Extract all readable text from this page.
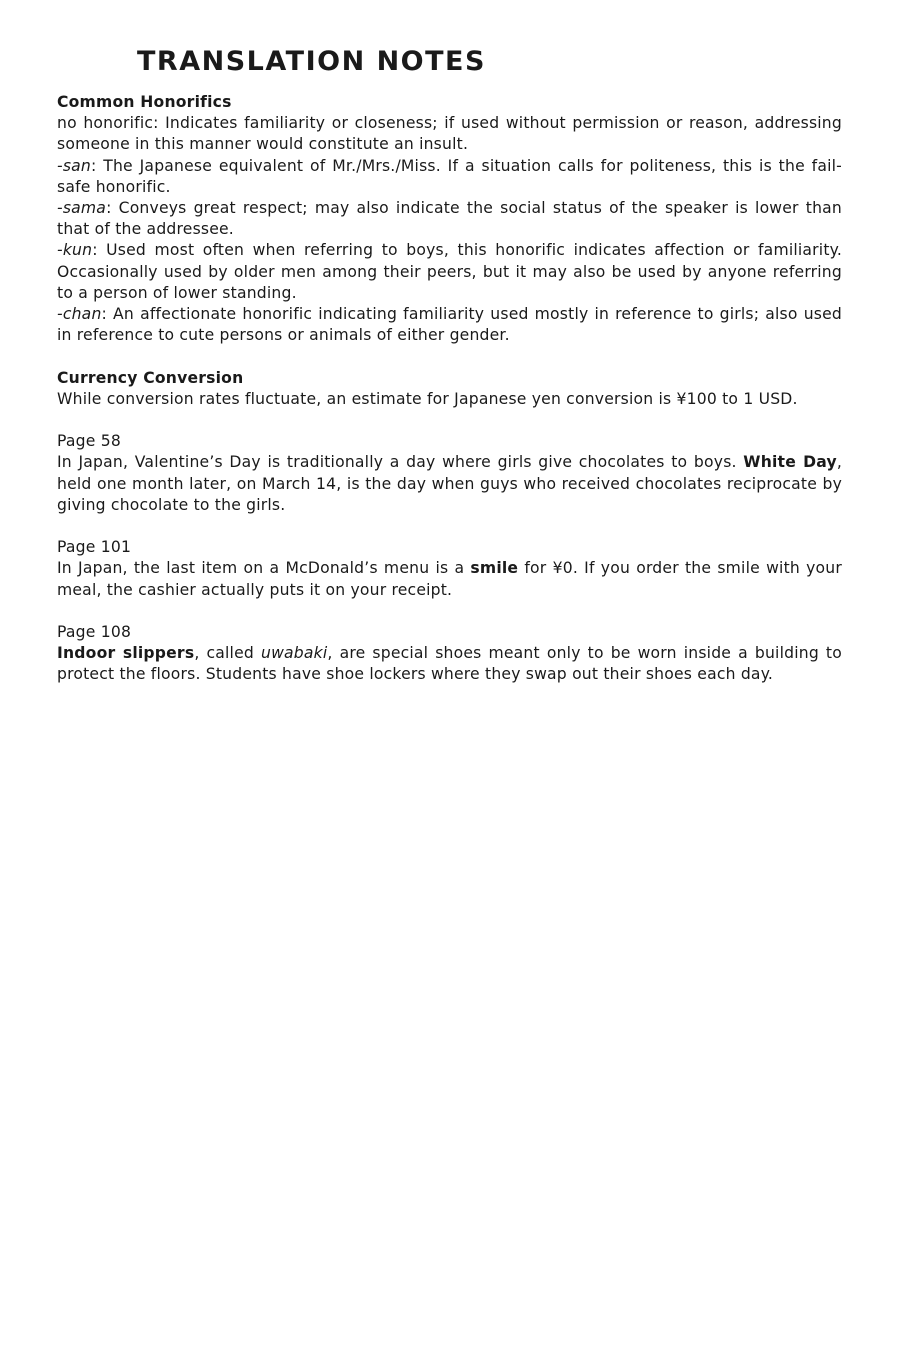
TRANSLATION NOTES

Common Honorifics

no honorific: Indicates familiarity or closeness; if used without permission or reason, addressing someone in this manner would constitute an insult.

-san: The Japanese equivalent of Mr./Mrs./Miss. If a situation calls for politeness, this is the fail-safe honorific.

-sama: Conveys great respect; may also indicate the social status of the speaker is lower than that of the addressee.

-kun: Used most often when referring to boys, this honorific indicates affection or familiarity. Occasionally used by older men among their peers, but it may also be used by anyone referring to a person of lower standing.

-chan: An affectionate honorific indicating familiarity used mostly in reference to girls; also used in reference to cute persons or animals of either gender.

Currency Conversion

While conversion rates fluctuate, an estimate for Japanese yen conversion is ¥100 to 1 USD.

Page 58

In Japan, Valentine’s Day is traditionally a day where girls give chocolates to boys. White Day, held one month later, on March 14, is the day when guys who received chocolates reciprocate by giving chocolate to the girls.

Page 101

In Japan, the last item on a McDonald’s menu is a smile for ¥0. If you order the smile with your meal, the cashier actually puts it on your receipt.

Page 108

Indoor slippers, called uwabaki, are special shoes meant only to be worn inside a building to protect the floors. Students have shoe lockers where they swap out their shoes each day.
